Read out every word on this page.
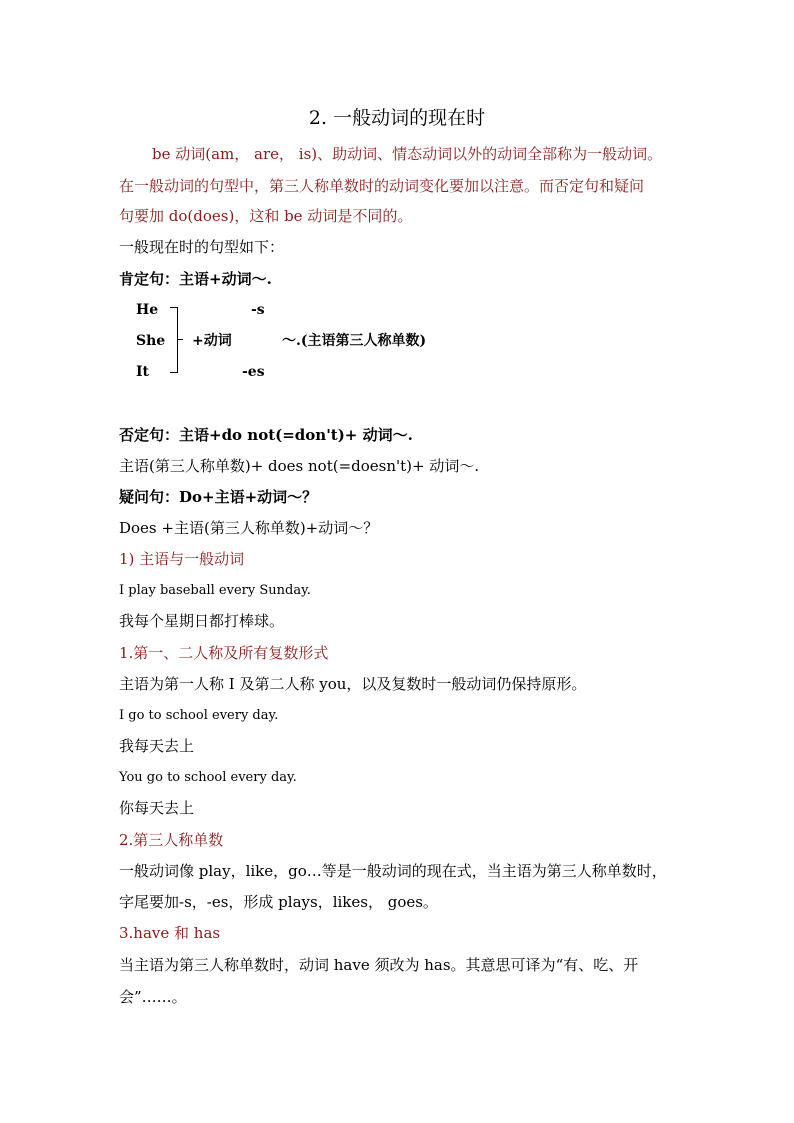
2. 一般动词的现在时
be 动词(am， are， is)、助动词、情态动词以外的动词全部称为一般动词。
在一般动词的句型中，第三人称单数时的动词变化要加以注意。而否定句和疑问
句要加 do(does)，这和 be 动词是不同的。
一般现在时的句型如下：
肯定句：主语+动词～.
He
She
It
-s
+动词	～.(主语第三人称单数)
-es
否定句：主语+do not(=don't)+ 动词～.
主语(第三人称单数)+ does not(=doesn't)+ 动词～.
疑问句：Do+主语+动词～？
Does +主语(第三人称单数)+动词～？
1) 主语与一般动词
I play baseball every Sunday.
我每个星期日都打棒球。
1.第一、二人称及所有复数形式
主语为第一人称 I 及第二人称 you，以及复数时一般动词仍保持原形。
I go to school every day.
我每天去上
You go to school every day.
你每天去上
2.第三人称单数
一般动词像 play，like，go…等是一般动词的现在式，当主语为第三人称单数时，
字尾要加-s，-es，形成 plays，likes， goes。
3.have 和 has
当主语为第三人称单数时，动词 have 须改为 has。其意思可译为“有、吃、开
会”……。
